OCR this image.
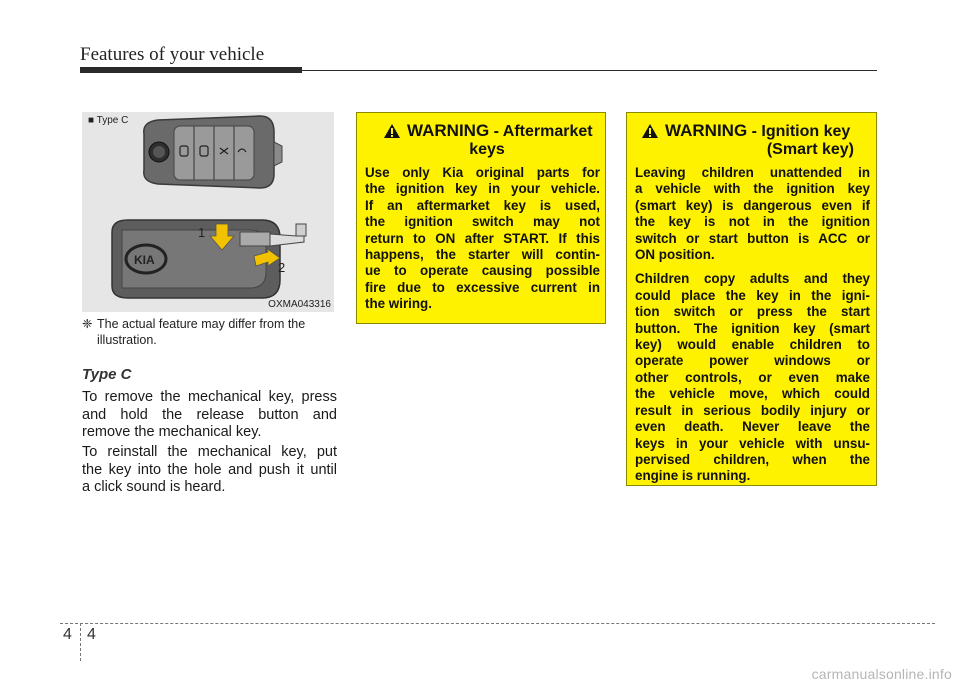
Features of your vehicle
KIA
1
2
■ Type C
OXMA043316
❈ The actual feature may differ from the
illustration.
Type C
To remove the mechanical key, press
and hold the release button and
remove the mechanical key.
To reinstall the mechanical key, put
the key into the hole and push it until
a click sound is heard.
WARNING - Aftermarket

keys
Use only Kia original parts for
the ignition key in your vehicle.
If an aftermarket key is used,
the ignition switch may not
return to ON after START. If this
happens, the starter will contin-
ue to operate causing possible
fire due to excessive current in
the wiring.
WARNING - Ignition key

(Smart key)
Leaving children unattended in
a vehicle with the ignition key
(smart key) is dangerous even if
the key is not in the ignition
switch or start button is ACC or
ON position.
Children copy adults and they
could place the key in the igni-
tion switch or press the start
button. The ignition key (smart
key) would enable children to
operate power windows or
other controls, or even make
the vehicle move, which could
result in serious bodily injury or
even death. Never leave the
keys in your vehicle with unsu-
pervised children, when the
engine is running.
4 4
carmanualsonline.info
